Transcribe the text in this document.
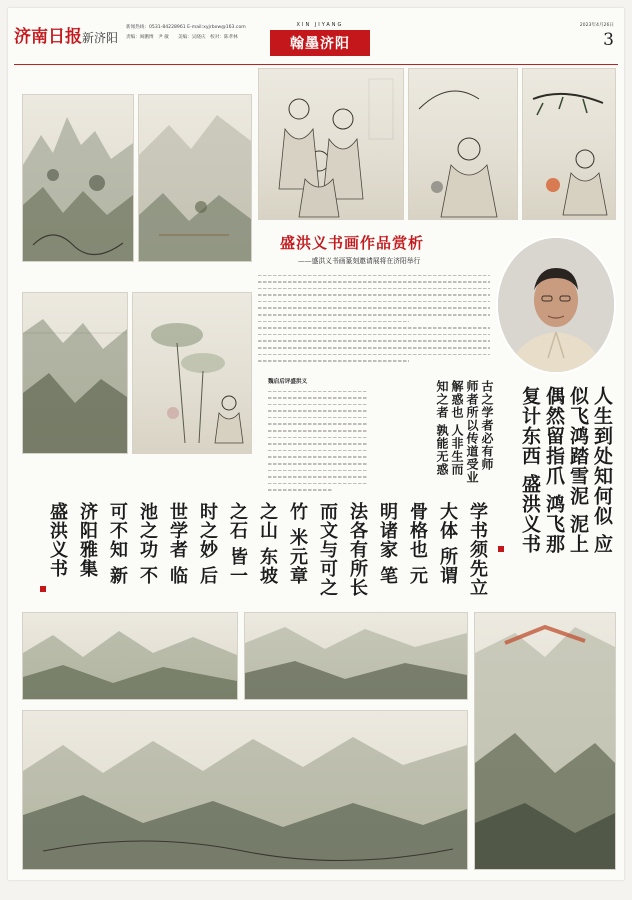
济南日报新济阳
新闻热线：0531-84228961 E-mail:xyjrbxw@163.com
责编：阎鹏博　尹 敏　　美编：吴晓庆　校对：陈孝林
XIN JIYANG
翰墨济阳
2023年4月26日
3
盛洪义书画作品赏析
——盛洪义书画篆刻邀请展将在济阳举行
魏启后评盛洪义	古之学者必有师 师者所以传道受业解惑也 人非生而知之者 孰能无惑	人生到处知何似 应似飞鸿踏雪泥 泥上偶然留指爪 鸿飞那复计东西 盛洪义书
学书须先立大体 所谓骨格也 元明诸家 笔法各有所长 而文与可之竹 米元章之山 东坡之石 皆一时之妙 后世学者 临池之功 不可不知 新济阳雅集 盛洪义书
